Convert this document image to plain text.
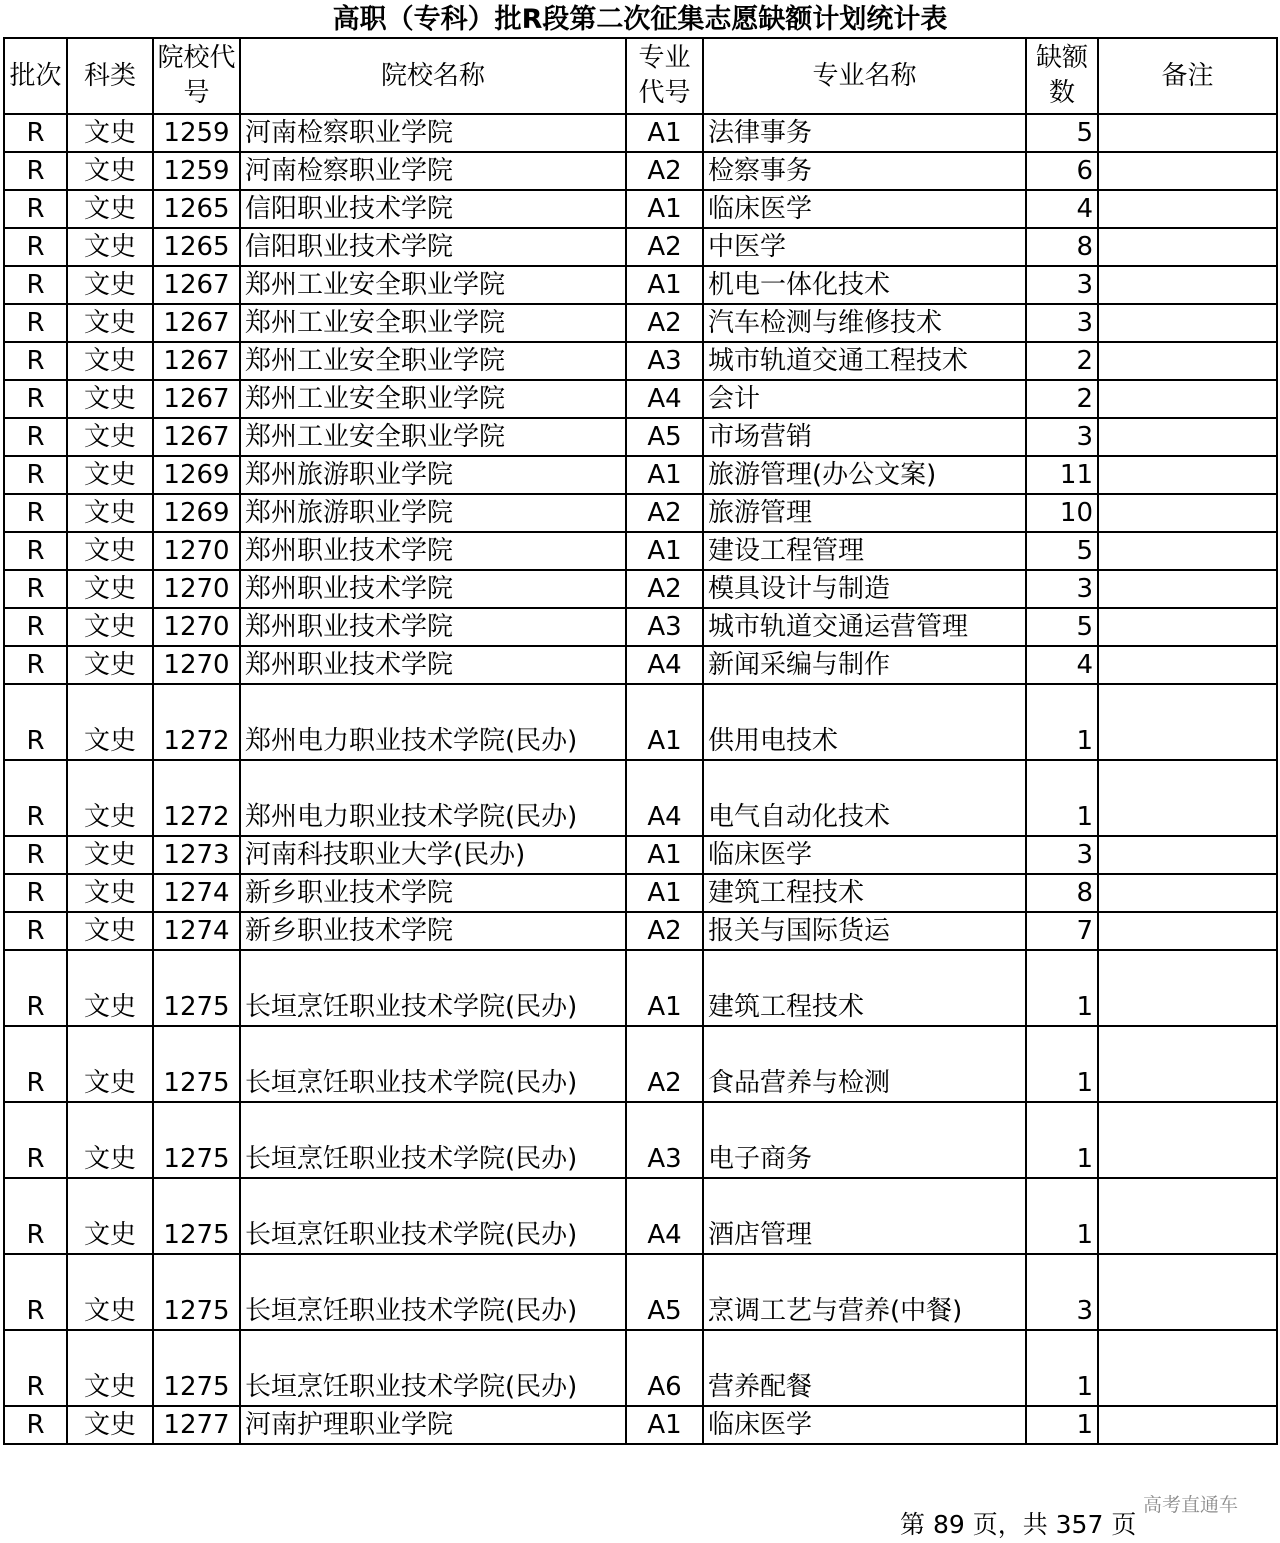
高职（专科）批R段第二次征集志愿缺额计划统计表
批次	科类	院校代号	院校名称	专业代号	专业名称	缺额数	备注
R	文史	1259	河南检察职业学院	A1	法律事务	5	
R	文史	1259	河南检察职业学院	A2	检察事务	6	
R	文史	1265	信阳职业技术学院	A1	临床医学	4	
R	文史	1265	信阳职业技术学院	A2	中医学	8	
R	文史	1267	郑州工业安全职业学院	A1	机电一体化技术	3	
R	文史	1267	郑州工业安全职业学院	A2	汽车检测与维修技术	3	
R	文史	1267	郑州工业安全职业学院	A3	城市轨道交通工程技术	2	
R	文史	1267	郑州工业安全职业学院	A4	会计	2	
R	文史	1267	郑州工业安全职业学院	A5	市场营销	3	
R	文史	1269	郑州旅游职业学院	A1	旅游管理(办公文案)	11	
R	文史	1269	郑州旅游职业学院	A2	旅游管理	10	
R	文史	1270	郑州职业技术学院	A1	建设工程管理	5	
R	文史	1270	郑州职业技术学院	A2	模具设计与制造	3	
R	文史	1270	郑州职业技术学院	A3	城市轨道交通运营管理	5	
R	文史	1270	郑州职业技术学院	A4	新闻采编与制作	4	
R	文史	1272	郑州电力职业技术学院(民办)	A1	供用电技术	1	
R	文史	1272	郑州电力职业技术学院(民办)	A4	电气自动化技术	1	
R	文史	1273	河南科技职业大学(民办)	A1	临床医学	3	
R	文史	1274	新乡职业技术学院	A1	建筑工程技术	8	
R	文史	1274	新乡职业技术学院	A2	报关与国际货运	7	
R	文史	1275	长垣烹饪职业技术学院(民办)	A1	建筑工程技术	1	
R	文史	1275	长垣烹饪职业技术学院(民办)	A2	食品营养与检测	1	
R	文史	1275	长垣烹饪职业技术学院(民办)	A3	电子商务	1	
R	文史	1275	长垣烹饪职业技术学院(民办)	A4	酒店管理	1	
R	文史	1275	长垣烹饪职业技术学院(民办)	A5	烹调工艺与营养(中餐)	3	
R	文史	1275	长垣烹饪职业技术学院(民办)	A6	营养配餐	1	
R	文史	1277	河南护理职业学院	A1	临床医学	1	
高考直通车
第 89 页，共 357 页
